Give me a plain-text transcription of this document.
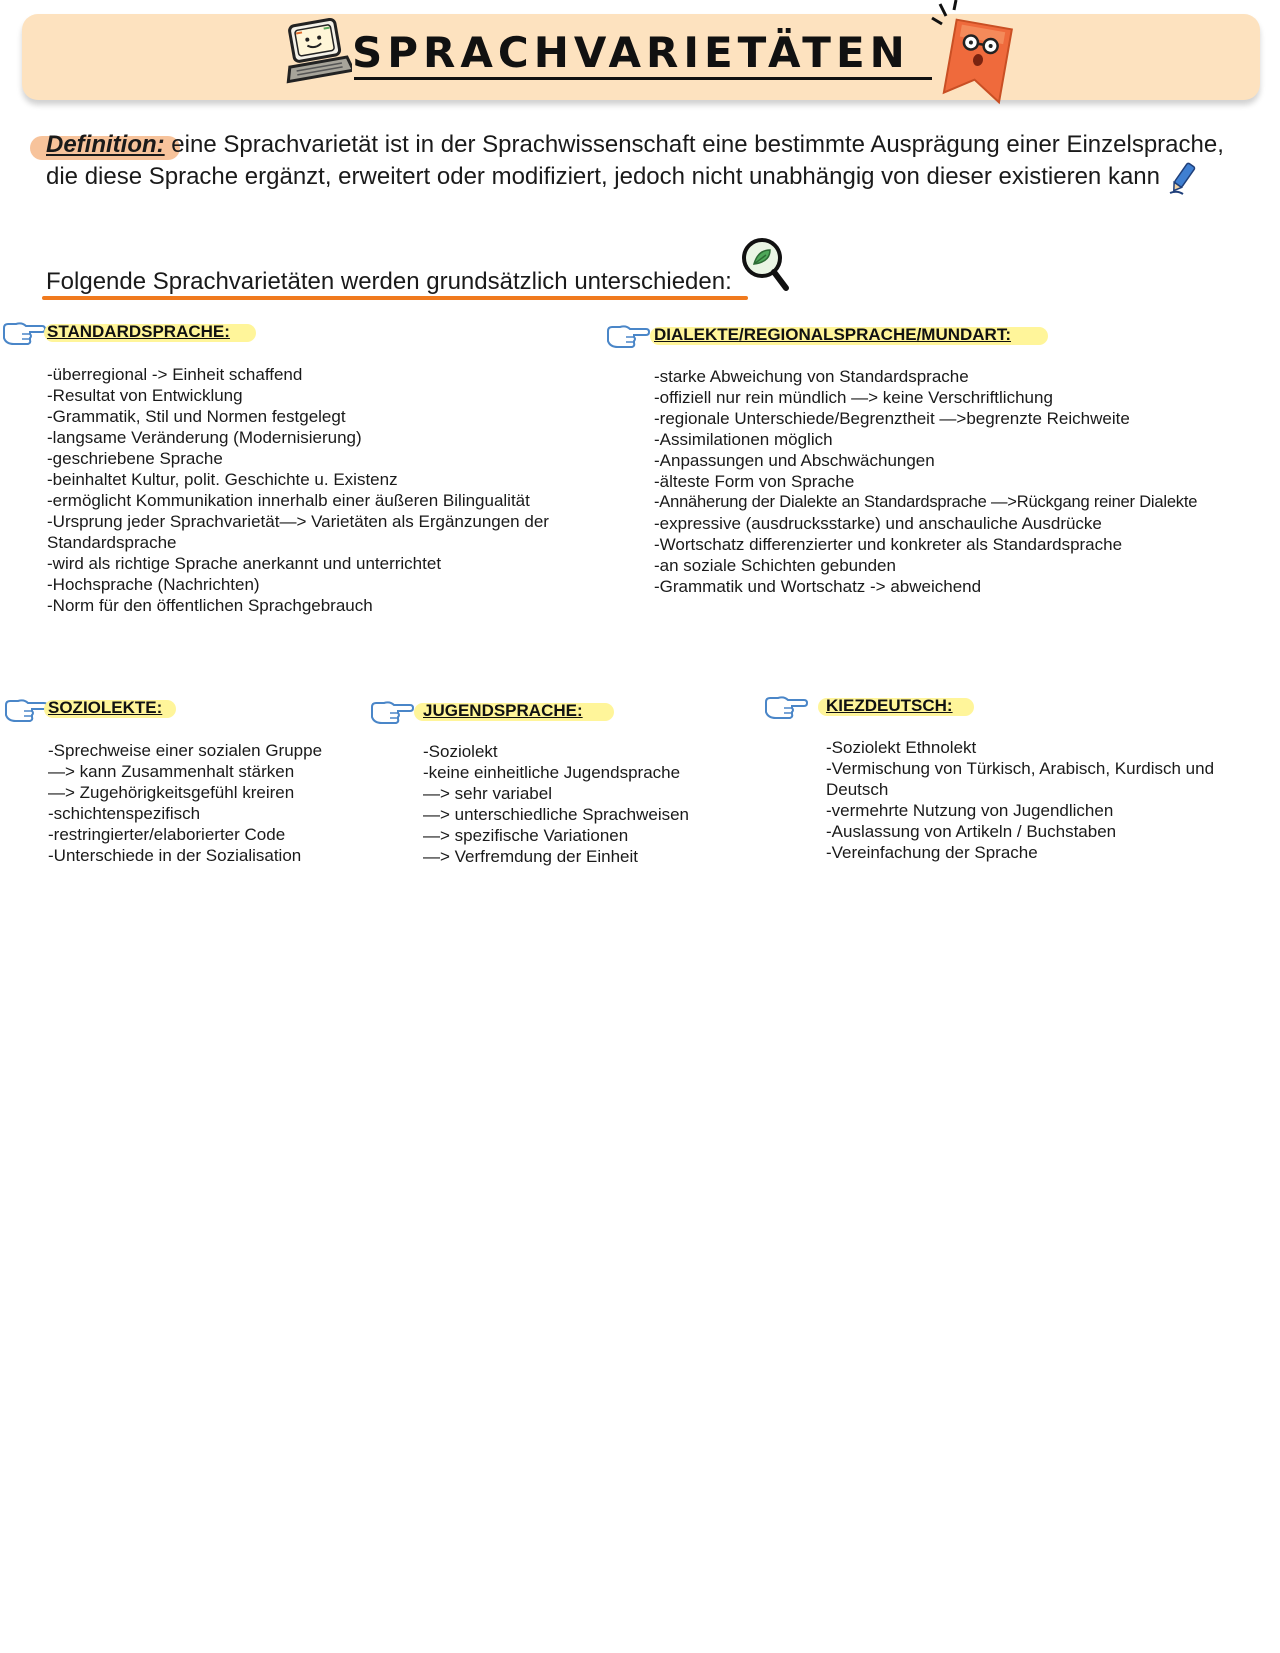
SPRACHVARIETÄTEN
Definition: eine Sprachvarietät ist in der Sprachwissenschaft eine bestimmte Ausprägung einer Einzelsprache, die diese Sprache ergänzt, erweitert oder modifiziert, jedoch nicht unabhängig von dieser existieren kann
Folgende Sprachvarietäten werden grundsätzlich unterschieden:
STANDARDSPRACHE:
-überregional -> Einheit schaffend
-Resultat von Entwicklung
-Grammatik, Stil und Normen festgelegt
-langsame Veränderung (Modernisierung)
-geschriebene Sprache
-beinhaltet Kultur, polit. Geschichte u. Existenz
-ermöglicht Kommunikation innerhalb einer äußeren Bilingualität
-Ursprung jeder Sprachvarietät—> Varietäten als Ergänzungen der Standardsprache
-wird als richtige Sprache anerkannt und unterrichtet
-Hochsprache (Nachrichten)
-Norm für den öffentlichen Sprachgebrauch
DIALEKTE/REGIONALSPRACHE/MUNDART:
-starke Abweichung von Standardsprache
-offiziell nur rein mündlich —> keine Verschriftlichung
-regionale Unterschiede/Begrenztheit —>begrenzte Reichweite
-Assimilationen möglich
-Anpassungen und Abschwächungen
-älteste Form von Sprache
-Annäherung der Dialekte an Standardsprache —>Rückgang reiner Dialekte
-expressive (ausdrucksstarke) und anschauliche Ausdrücke
-Wortschatz differenzierter und konkreter als Standardsprache
-an soziale Schichten gebunden
-Grammatik und Wortschatz -> abweichend
SOZIOLEKTE:
-Sprechweise einer sozialen Gruppe
—> kann Zusammenhalt stärken
—> Zugehörigkeitsgefühl kreiren
-schichtenspezifisch
-restringierter/elaborierter Code
-Unterschiede in der Sozialisation
JUGENDSPRACHE:
-Soziolekt
-keine einheitliche Jugendsprache
—> sehr variabel
—> unterschiedliche Sprachweisen
—> spezifische Variationen
—> Verfremdung der Einheit
KIEZDEUTSCH:
-Soziolekt Ethnolekt
-Vermischung von Türkisch, Arabisch, Kurdisch und Deutsch
-vermehrte Nutzung von Jugendlichen
-Auslassung von Artikeln / Buchstaben
-Vereinfachung der Sprache
